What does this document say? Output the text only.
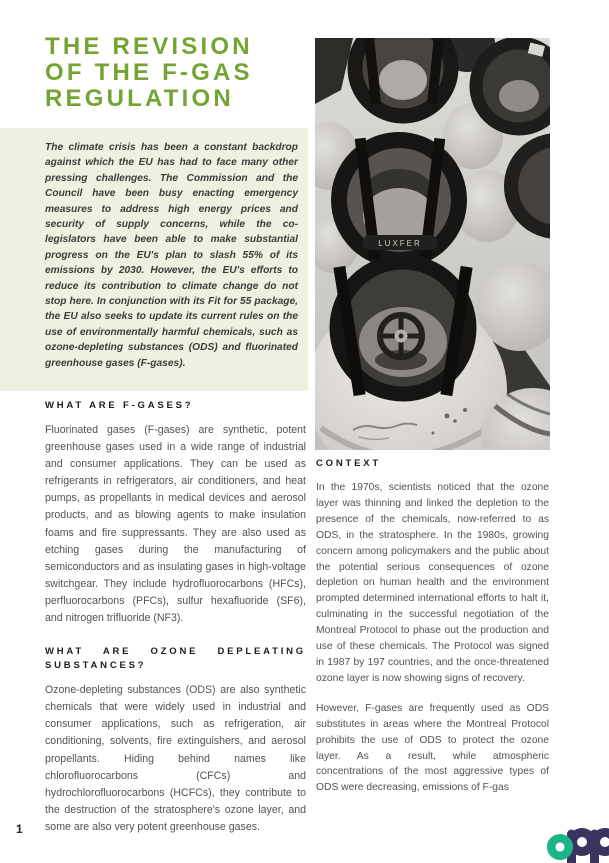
THE REVISION
OF THE F-GAS
REGULATION

The climate crisis has been a constant backdrop against which the EU has had to face many other pressing challenges. The Commission and the Council have been busy enacting emergency measures to address high energy prices and security of supply concerns, while the co-legislators have been able to make substantial progress on the EU's plan to slash 55% of its emissions by 2030. However, the EU's efforts to reduce its contribution to climate change do not stop here. In conjunction with its Fit for 55 package, the EU also seeks to update its current rules on the use of environmentally harmful chemicals, such as ozone-depleting substances (ODS) and fluorinated greenhouse gases (F-gases).

LUXFER
WHAT ARE F-GASES?

Fluorinated gases (F-gases) are synthetic, potent greenhouse gases used in a wide range of industrial and consumer applications. They can be used as refrigerants in refrigerators, air conditioners, and heat pumps, as propellants in medical devices and aerosol products, and as blowing agents to make insulation foams and fire suppressants. They are also used as etching gases during the manufacturing of semiconductors and as insulating gases in high-voltage switchgear. They include hydrofluorocarbons (HFCs), perfluorocarbons (PFCs), sulfur hexafluoride (SF6), and nitrogen trifluoride (NF3).

WHAT ARE OZONE DEPLEATING SUBSTANCES?

Ozone-depleting substances (ODS) are also synthetic chemicals that were widely used in industrial and consumer applications, such as refrigeration, air conditioning, solvents, fire extinguishers, and aerosol propellants. Hiding behind names like chlorofluorocarbons (CFCs) and hydrochlorofluorocarbons (HCFCs), they contribute to the destruction of the stratosphere's ozone layer, and some are also very potent greenhouse gases.

CONTEXT

In the 1970s, scientists noticed that the ozone layer was thinning and linked the depletion to the presence of the chemicals, now-referred to as ODS, in the stratosphere. In the 1980s, growing concern among policymakers and the public about the potential serious consequences of ozone depletion on human health and the environment prompted determined international efforts to halt it, culminating in the successful negotiation of the Montreal Protocol to phase out the production and use of these chemicals. The Protocol was signed in 1987 by 197 countries, and the once-threatened ozone layer is now showing signs of recovery.

However, F-gases are frequently used as ODS substitutes in areas where the Montreal Protocol prohibits the use of ODS to protect the ozone layer. As a result, while atmospheric concentrations of the most aggressive types of ODS were decreasing, emissions of F-gas

1
